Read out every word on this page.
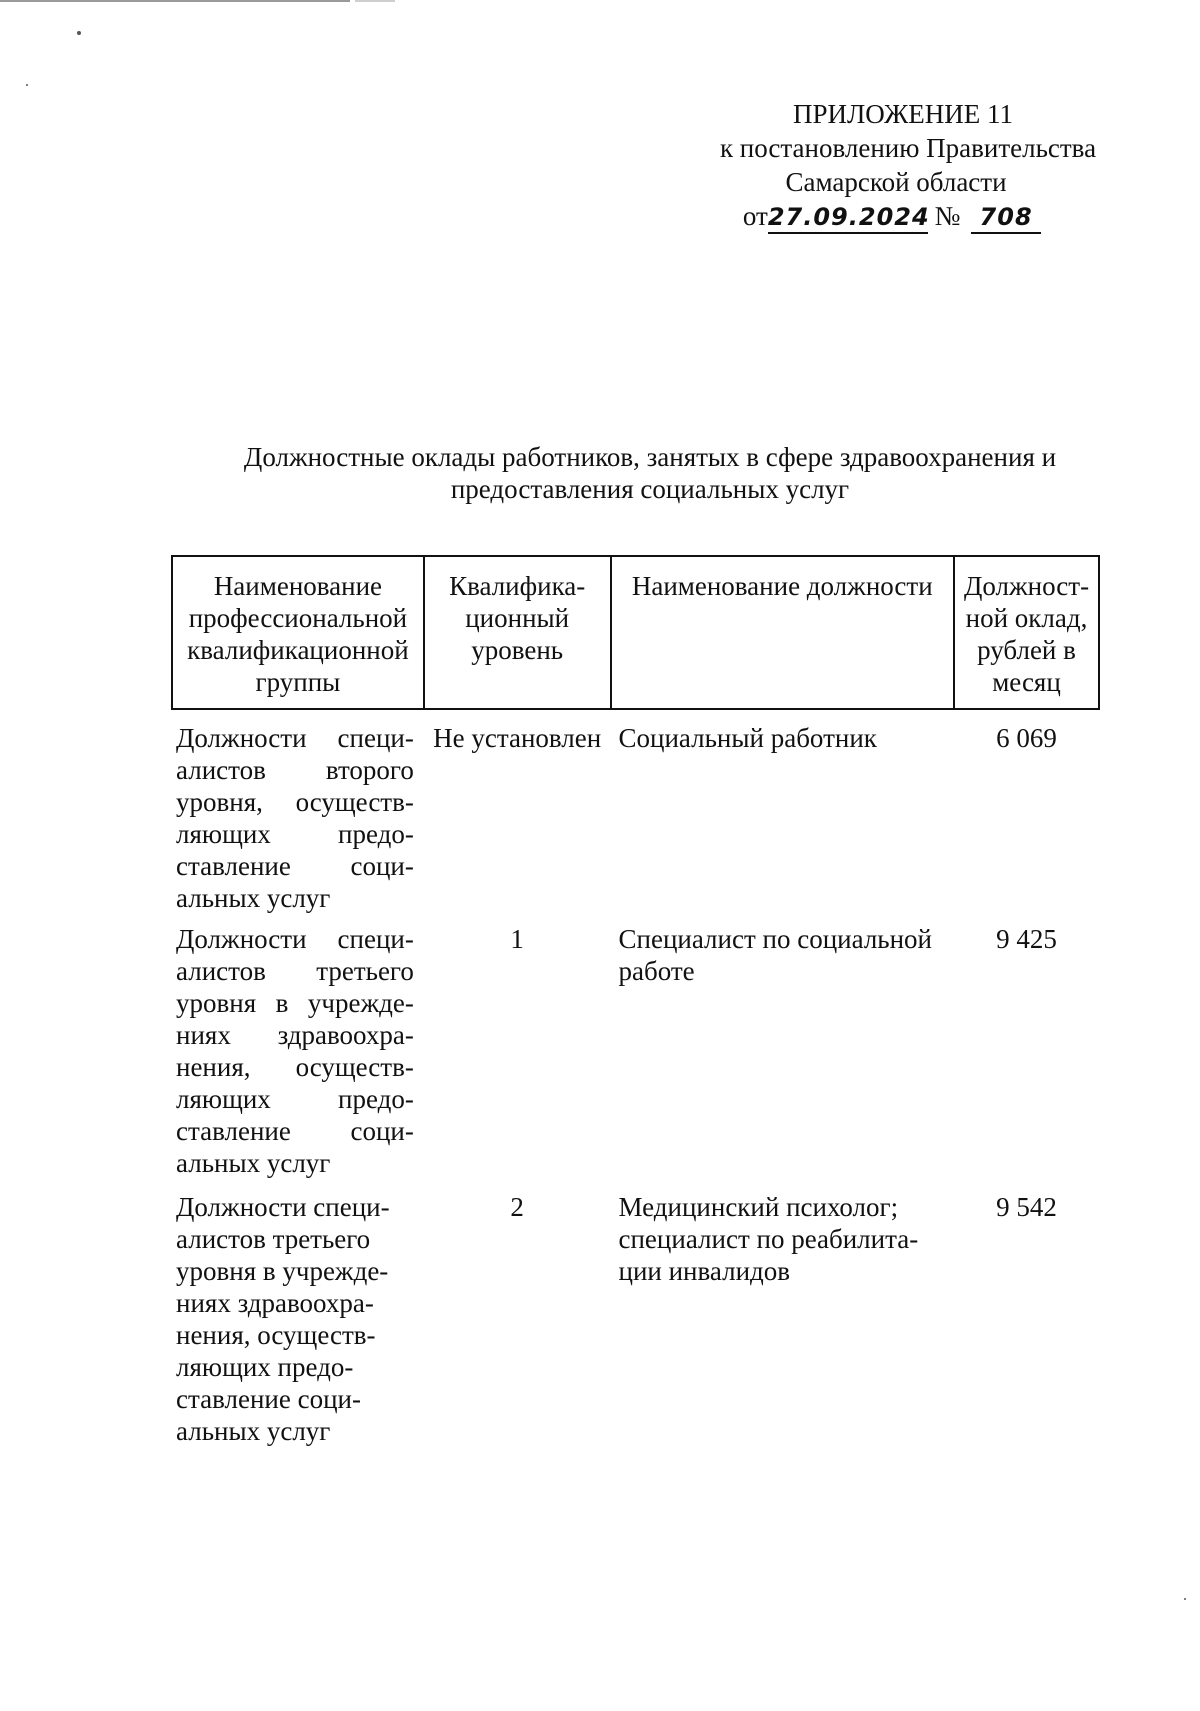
ПРИЛОЖЕНИЕ 11
к постановлению Правительства
Самарской области
от27.09.2024 № 708
Должностные оклады работников, занятых в сфере здравоохранения и
предоставления социальных услуг
Наименование профессиональной квалификационной группы	Квалифика-ционный уровень	Наименование должности	Должност-ной оклад, рублей в месяц
Должности специ-алистов второго уровня, осуществ-ляющих предо-ставление соци-альных услуг	Не установлен	Социальный работник	6 069
Должности специ-алистов третьего уровня в учрежде-ниях здравоохра-нения, осуществ-ляющих предо-ставление соци-альных услуг	1	Специалист по социальной работе	9 425
Должности специ-алистов третьего уровня в учрежде-ниях здравоохра-нения, осуществ-ляющих предо-ставление соци-альных услуг	2	Медицинский психолог; специалист по реабилита-ции инвалидов	9 542
